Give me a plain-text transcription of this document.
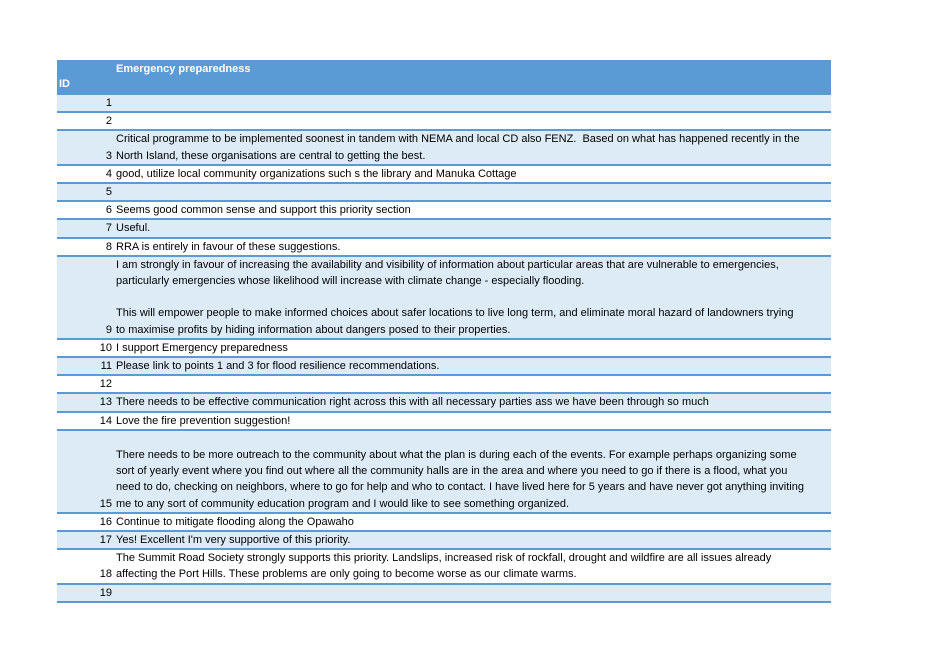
ID
Emergency preparedness
1
2
3
Critical programme to be implemented soonest in tandem with NEMA and local CD also FENZ.  Based on what has happened recently in the
North Island, these organisations are central to getting the best.
4 good, utilize local community organizations such s the library and Manuka Cottage
5
6 Seems good common sense and support this priority section
7 Useful.
8 RRA is entirely in favour of these suggestions.
9
I am strongly in favour of increasing the availability and visibility of information about particular areas that are vulnerable to emergencies,
particularly emergencies whose likelihood will increase with climate change - especially flooding.

This will empower people to make informed choices about safer locations to live long term, and eliminate moral hazard of landowners trying
to maximise profits by hiding information about dangers posed to their properties.
10 I support Emergency preparedness
11 Please link to points 1 and 3 for flood resilience recommendations.
12
13 There needs to be effective communication right across this with all necessary parties ass we have been through so much
14 Love the fire prevention suggestion!
15

There needs to be more outreach to the community about what the plan is during each of the events. For example perhaps organizing some
sort of yearly event where you find out where all the community halls are in the area and where you need to go if there is a flood, what you
need to do, checking on neighbors, where to go for help and who to contact. I have lived here for 5 years and have never got anything inviting
me to any sort of community education program and I would like to see something organized.
16 Continue to mitigate flooding along the Opawaho
17 Yes! Excellent I'm very supportive of this priority.
18
The Summit Road Society strongly supports this priority. Landslips, increased risk of rockfall, drought and wildfire are all issues already
affecting the Port Hills. These problems are only going to become worse as our climate warms.
19
